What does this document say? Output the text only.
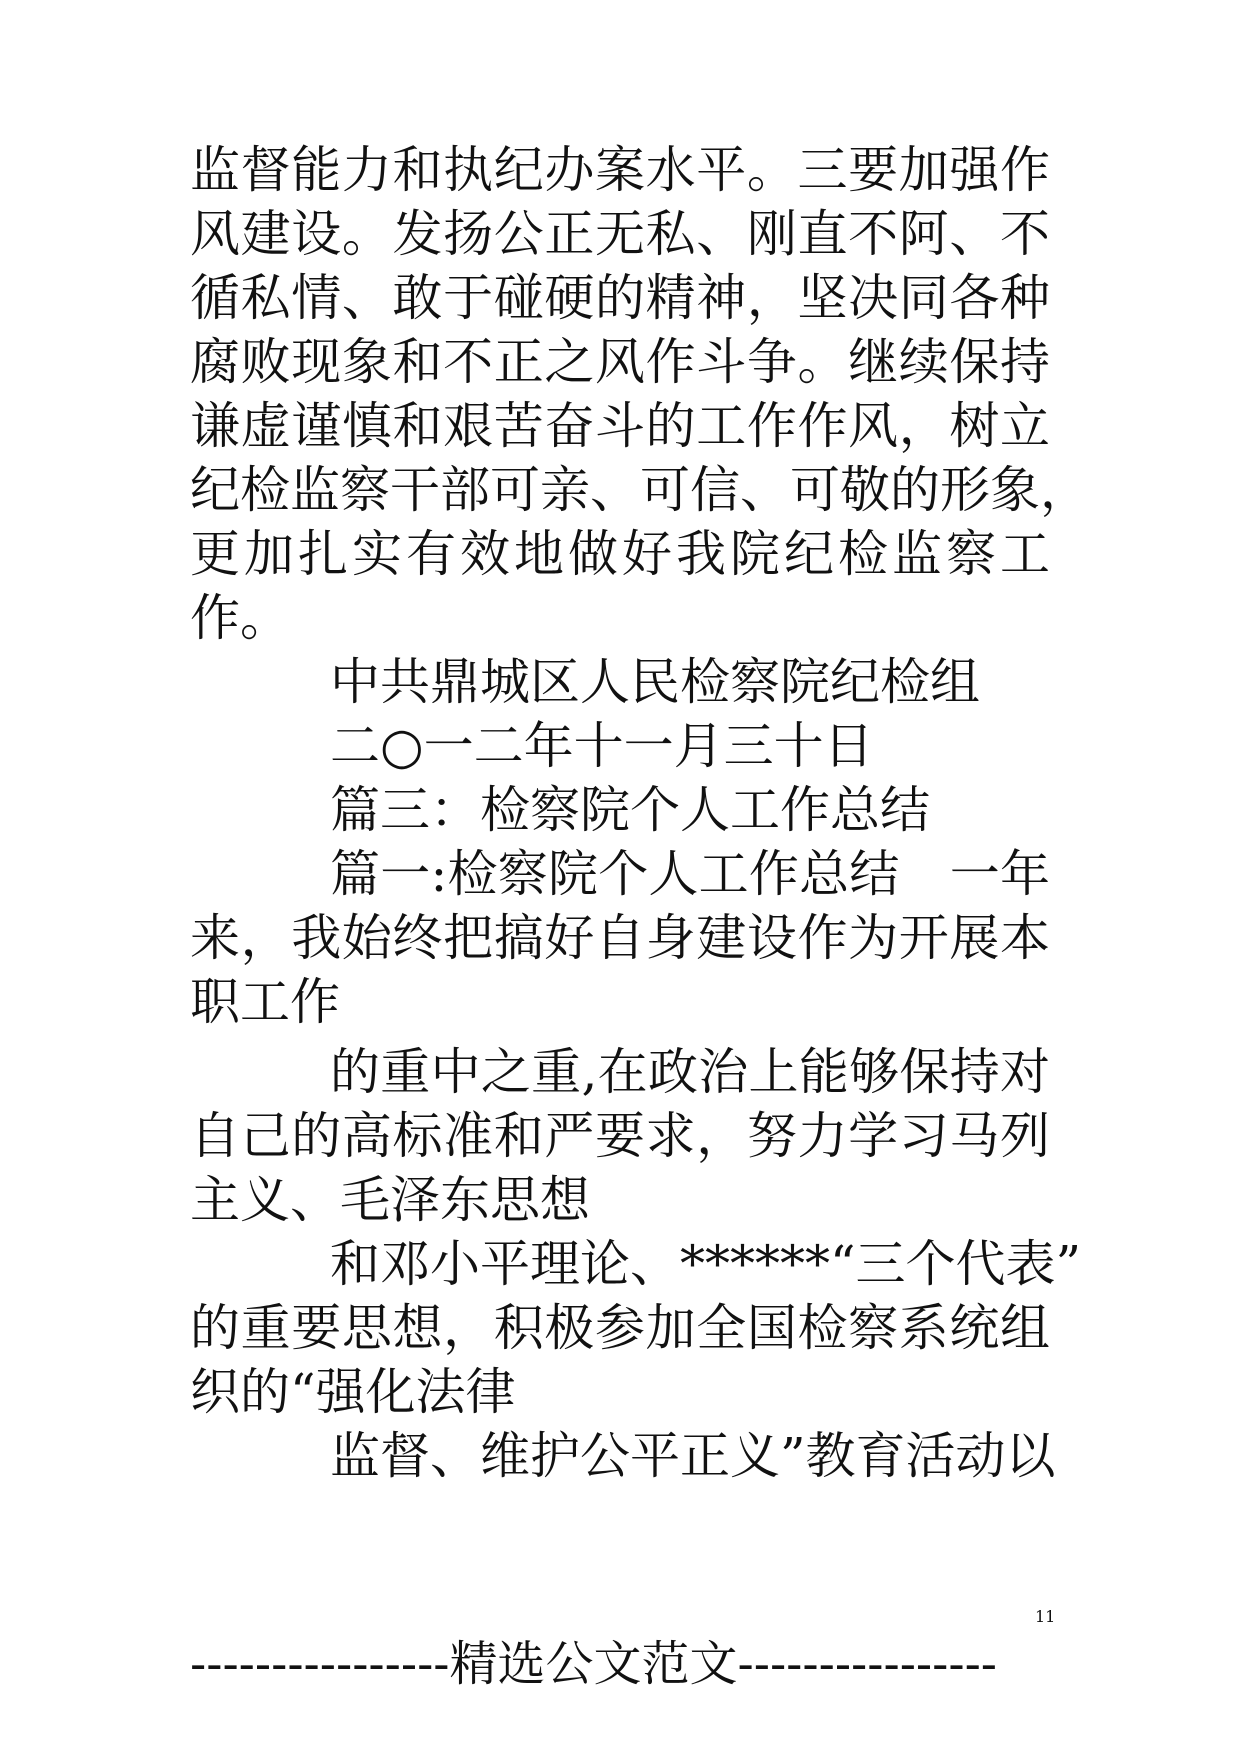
监督能力和执纪办案水平。三要加强作
风建设。发扬公正无私、刚直不阿、不
循私情、敢于碰硬的精神，坚决同各种
腐败现象和不正之风作斗争。继续保持
谦虚谨慎和艰苦奋斗的工作作风，树立
纪检监察干部可亲、可信、可敬的形象，
更加扎实有效地做好我院纪检监察工
作。
中共鼎城区人民检察院纪检组
二○一二年十一月三十日
篇三：检察院个人工作总结
篇一:检察院个人工作总结　一年
来，我始终把搞好自身建设作为开展本
职工作
的重中之重,在政治上能够保持对
自己的高标准和严要求，努力学习马列
主义、毛泽东思想
和邓小平理论、******“三个代表”
的重要思想，积极参加全国检察系统组
织的“强化法律
监督、维护公平正义”教育活动以
11
----------------精选公文范文----------------
